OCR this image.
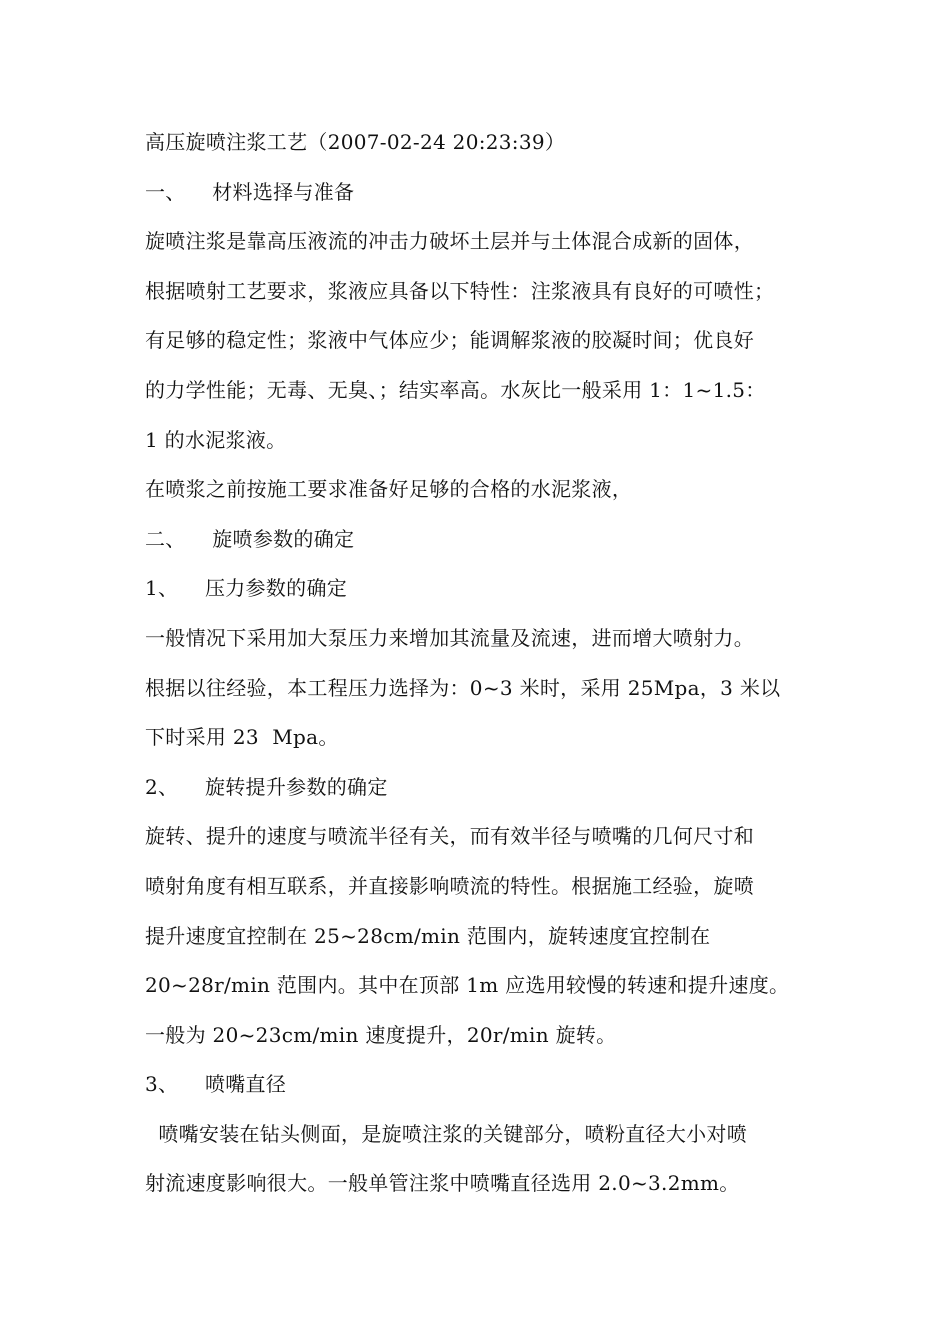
高压旋喷注浆工艺（2007-02-24 20:23:39）
一、    材料选择与准备
旋喷注浆是靠高压液流的冲击力破坏土层并与土体混合成新的固体，
根据喷射工艺要求，浆液应具备以下特性：注浆液具有良好的可喷性；
有足够的稳定性；浆液中气体应少；能调解浆液的胶凝时间；优良好
的力学性能；无毒、无臭、；结实率高。水灰比一般采用 1：1~1.5：
1 的水泥浆液。
在喷浆之前按施工要求准备好足够的合格的水泥浆液，
二、    旋喷参数的确定
1、    压力参数的确定
一般情况下采用加大泵压力来增加其流量及流速，进而增大喷射力。
根据以往经验，本工程压力选择为：0~3 米时，采用 25Mpa，3 米以
下时采用 23  Mpa。
2、    旋转提升参数的确定
旋转、提升的速度与喷流半径有关，而有效半径与喷嘴的几何尺寸和
喷射角度有相互联系，并直接影响喷流的特性。根据施工经验，旋喷
提升速度宜控制在 25~28cm/min 范围内，旋转速度宜控制在
20~28r/min 范围内。其中在顶部 1m 应选用较慢的转速和提升速度。
一般为 20~23cm/min 速度提升，20r/min 旋转。
3、    喷嘴直径
喷嘴安装在钻头侧面，是旋喷注浆的关键部分，喷粉直径大小对喷
射流速度影响很大。一般单管注浆中喷嘴直径选用 2.0~3.2mm。
